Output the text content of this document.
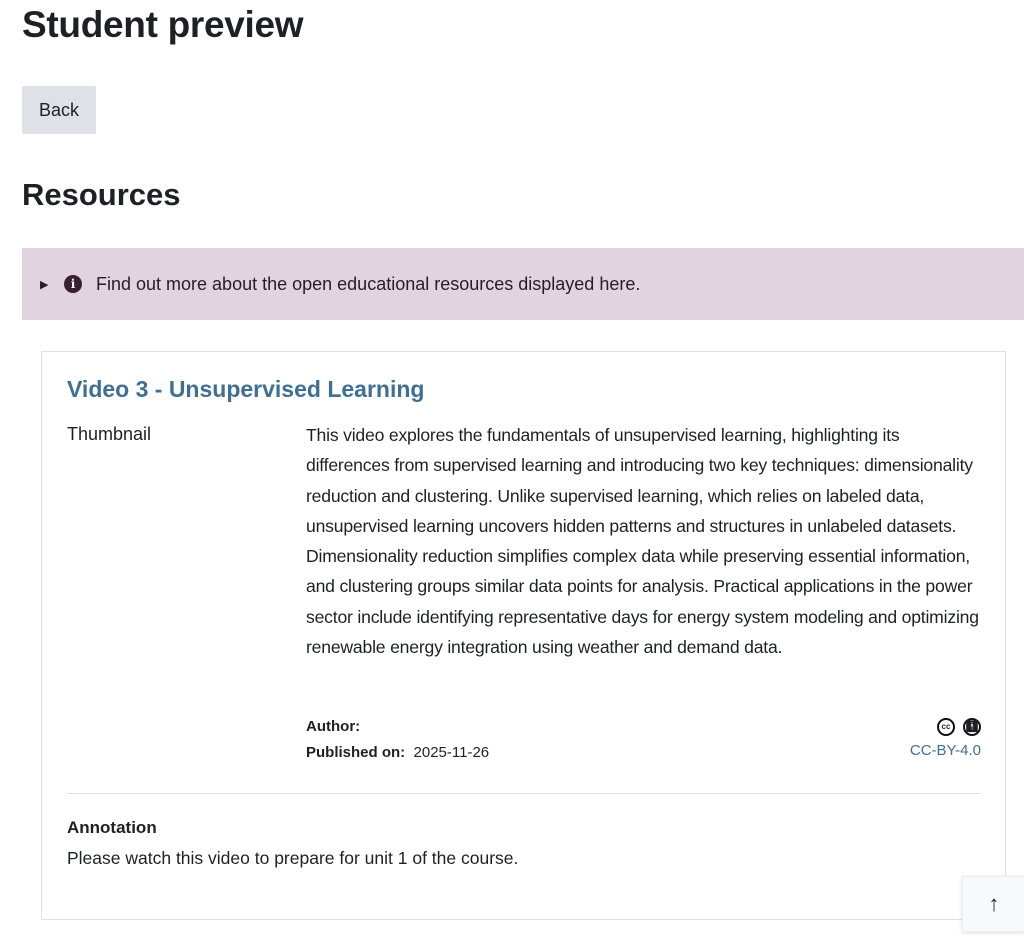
Student preview
Back
Resources
▶	i	Find out more about the open educational resources displayed here.
Video 3 - Unsupervised Learning
Thumbnail	This video explores the fundamentals of unsupervised learning, highlighting its differences from supervised learning and introducing two key techniques: dimensionality reduction and clustering. Unlike supervised learning, which relies on labeled data, unsupervised learning uncovers hidden patterns and structures in unlabeled datasets. Dimensionality reduction simplifies complex data while preserving essential information, and clustering groups similar data points for analysis. Practical applications in the power sector include identifying representative days for energy system modeling and optimizing renewable energy integration using weather and demand data.
Author:
Published on: 2025-11-26
cc	🚹︎
CC-BY-4.0
Annotation
Please watch this video to prepare for unit 1 of the course.
↑
